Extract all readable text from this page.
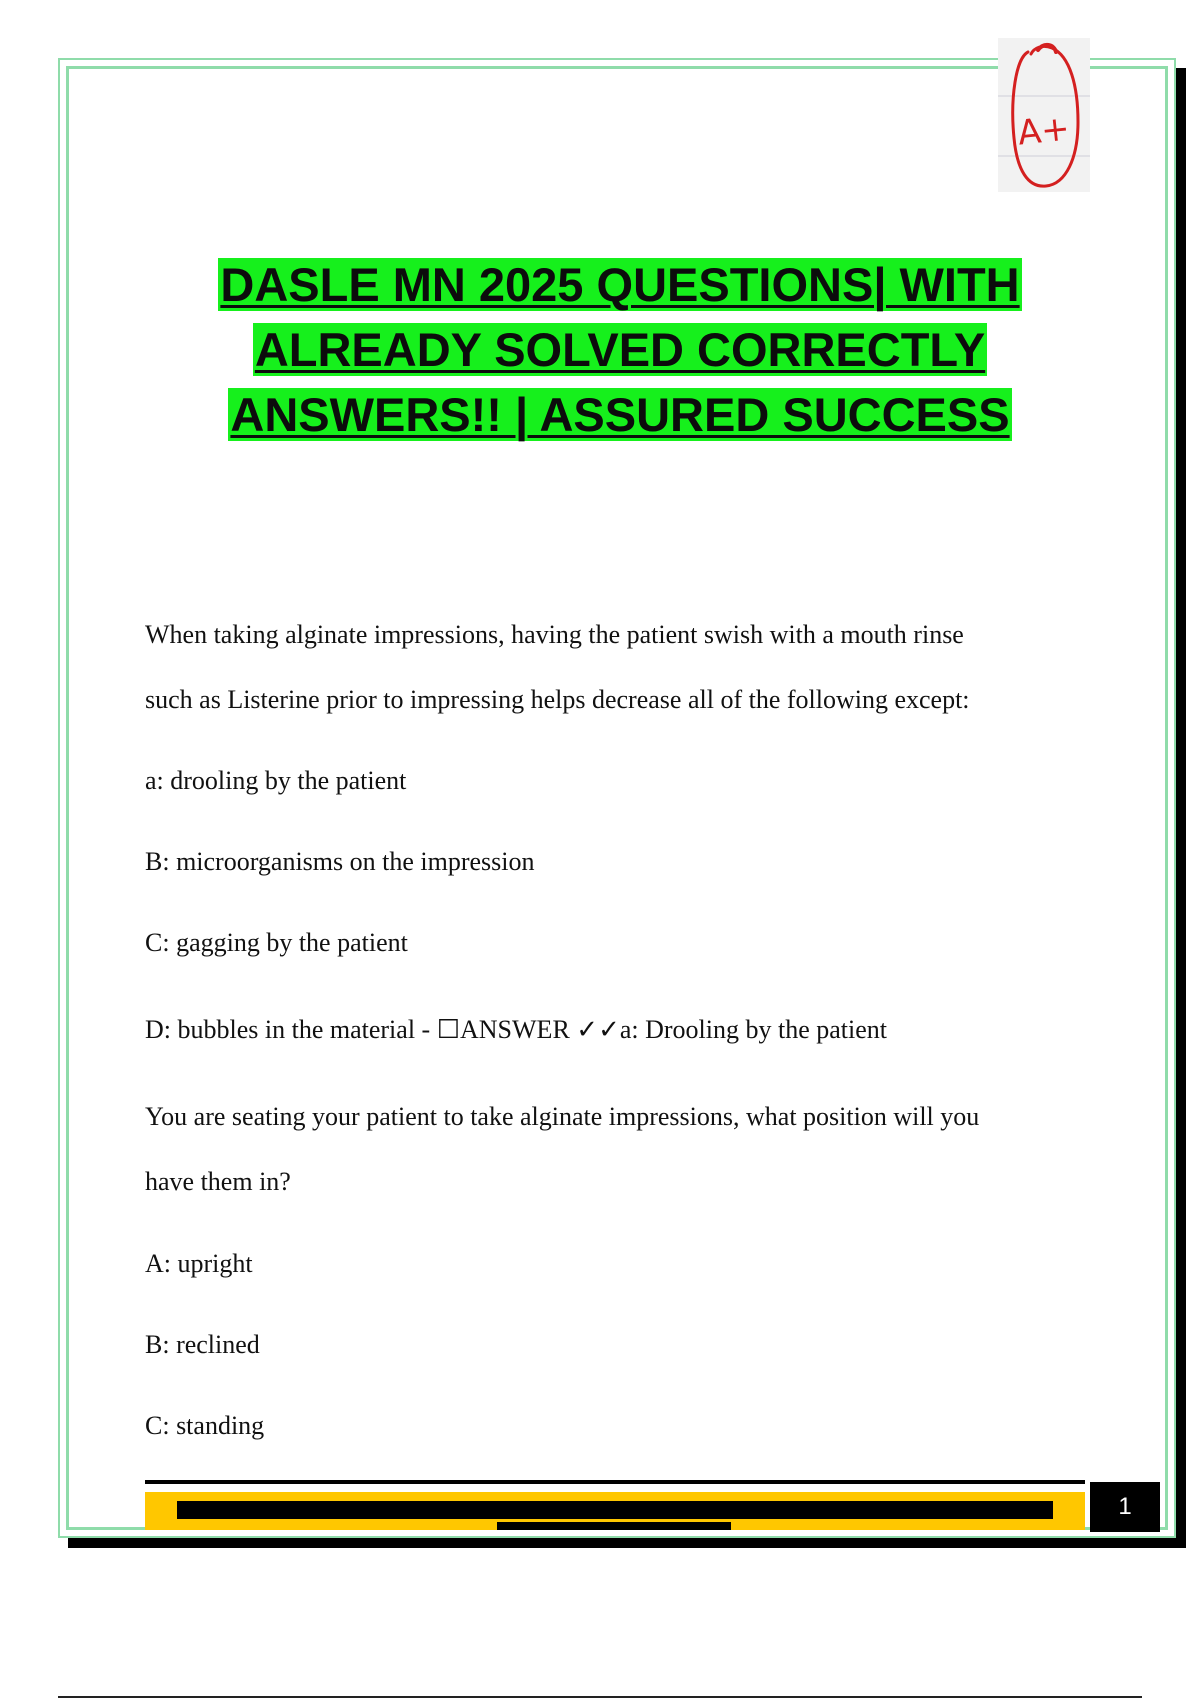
A+
DASLE MN 2025 QUESTIONS| WITH
ALREADY SOLVED CORRECTLY
ANSWERS!! | ASSURED SUCCESS

When taking alginate impressions, having the patient swish with a mouth rinse

such as Listerine prior to impressing helps decrease all of the following except:

a: drooling by the patient

B: microorganisms on the impression

C: gagging by the patient

D: bubbles in the material - ☐ANSWER ✓✓a: Drooling by the patient

You are seating your patient to take alginate impressions, what position will you

have them in?

A: upright

B: reclined

C: standing

1
